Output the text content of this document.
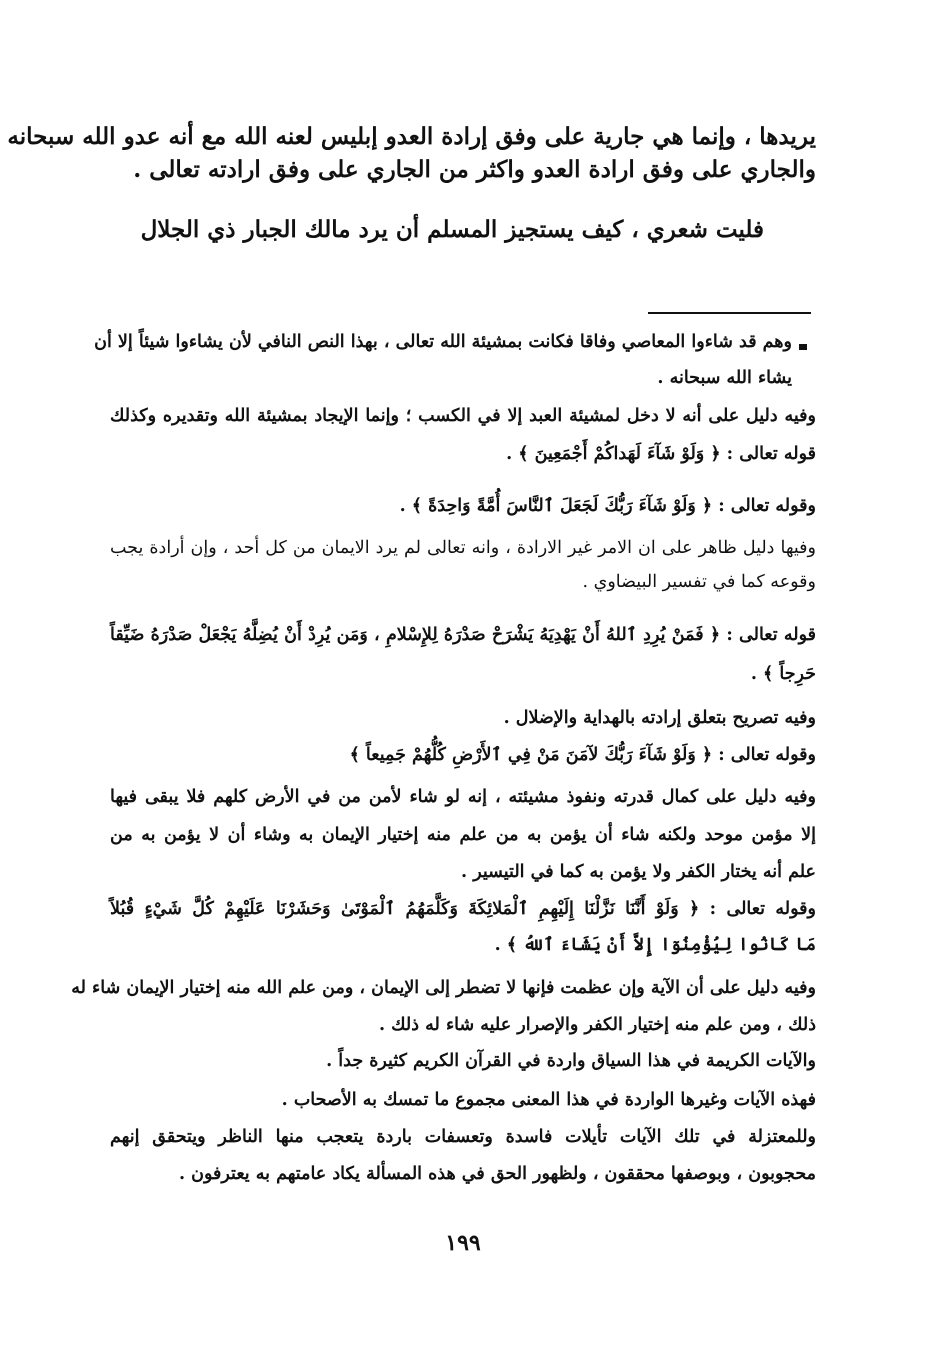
يريدها ، وإنما هي جارية على وفق إرادة العدو إبليس لعنه الله مع أنه عدو الله سبحانه
والجاري على وفق ارادة العدو واكثر من الجاري على وفق ارادته تعالى .
فليت شعري ، كيف يستجيز المسلم أن يرد مالك الجبار ذي الجلال
وهم قد شاءوا المعاصي وفاقا فكانت بمشيئة الله تعالى ، بهذا النص النافي لأن يشاءوا شيئاً إلا أن
يشاء الله سبحانه .
وفيه دليل على أنه لا دخل لمشيئة العبد إلا في الكسب ؛ وإنما الإيجاد بمشيئة الله وتقديره وكذلك
قوله تعالى : ﴿ وَلَوْ شَآءَ لَهَداكُمْ أَجْمَعِينَ ﴾ .
وقوله تعالى : ﴿ وَلَوْ شَآءَ رَبُّكَ لَجَعَلَ ٱلنَّاسَ أُمَّةً وَاحِدَةً ﴾ .
وفيها دليل ظاهر على ان الامر غير الارادة ، وانه تعالى لم يرد الايمان من كل أحد ، وإن أرادة يجب
وقوعه كما في تفسير البيضاوي .
قوله تعالى : ﴿ فَمَنْ يُرِدِ ٱللهُ أَنْ يَهْدِيَهُ يَشْرَحْ صَدْرَهُ لِلإِسْلامِ ، وَمَن يُرِدْ أَنْ يُضِلَّهُ يَجْعَلْ صَدْرَهُ ضَيِّقاً
حَرِجاً ﴾ .
وفيه تصريح بتعلق إرادته بالهداية والإضلال .
وقوله تعالى : ﴿ وَلَوْ شَآءَ رَبُّكَ لآمَنَ مَنْ فِي ٱلأَرْضِ كُلُّهُمْ جَمِيعاً ﴾
وفيه دليل على كمال قدرته ونفوذ مشيئته ، إنه لو شاء لأمن من في الأرض كلهم فلا يبقى فيها
إلا مؤمن موحد ولكنه شاء أن يؤمن به من علم منه إختيار الإيمان به وشاء أن لا يؤمن به من
علم أنه يختار الكفر ولا يؤمن به كما في التيسير .
وقوله تعالى : ﴿ وَلَوْ أَنَّنَا نَزَّلْنَا إِلَيْهِمِ ٱلْمَلائِكَةَ وَكَلَّمَهُمُ ٱلْمَوْتَىٰ وَحَشَرْنَا عَلَيْهِمْ كُلَّ شَيْءٍ قُبُلاً
مَا كَانُوا لِيُؤْمِنُوٓا إِلاَّ أَنْ يَشَاءَ ٱللهُ ﴾ .
وفيه دليل على أن الآية وإن عظمت فإنها لا تضطر إلى الإيمان ، ومن علم الله منه إختيار الإيمان شاء له
ذلك ، ومن علم منه إختيار الكفر والإصرار عليه شاء له ذلك .
والآيات الكريمة في هذا السياق واردة في القرآن الكريم كثيرة جداً .
فهذه الآيات وغيرها الواردة في هذا المعنى مجموع ما تمسك به الأصحاب .
وللمعتزلة في تلك الآيات تأيلات فاسدة وتعسفات باردة يتعجب منها الناظر ويتحقق إنهم
محجوبون ، وبوصفها محققون ، ولظهور الحق في هذه المسألة يكاد عامتهم به يعترفون .
١٩٩
